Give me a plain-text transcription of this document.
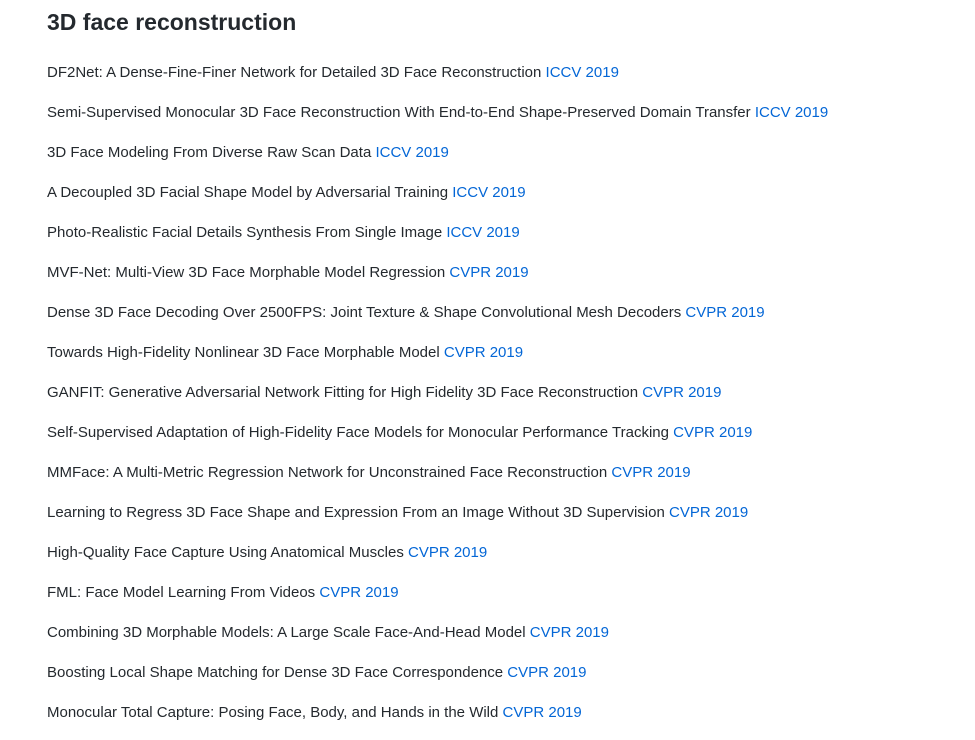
3D face reconstruction
DF2Net: A Dense-Fine-Finer Network for Detailed 3D Face Reconstruction ICCV 2019
Semi-Supervised Monocular 3D Face Reconstruction With End-to-End Shape-Preserved Domain Transfer ICCV 2019
3D Face Modeling From Diverse Raw Scan Data ICCV 2019
A Decoupled 3D Facial Shape Model by Adversarial Training ICCV 2019
Photo-Realistic Facial Details Synthesis From Single Image ICCV 2019
MVF-Net: Multi-View 3D Face Morphable Model Regression CVPR 2019
Dense 3D Face Decoding Over 2500FPS: Joint Texture & Shape Convolutional Mesh Decoders CVPR 2019
Towards High-Fidelity Nonlinear 3D Face Morphable Model CVPR 2019
GANFIT: Generative Adversarial Network Fitting for High Fidelity 3D Face Reconstruction CVPR 2019
Self-Supervised Adaptation of High-Fidelity Face Models for Monocular Performance Tracking CVPR 2019
MMFace: A Multi-Metric Regression Network for Unconstrained Face Reconstruction CVPR 2019
Learning to Regress 3D Face Shape and Expression From an Image Without 3D Supervision CVPR 2019
High-Quality Face Capture Using Anatomical Muscles CVPR 2019
FML: Face Model Learning From Videos CVPR 2019
Combining 3D Morphable Models: A Large Scale Face-And-Head Model CVPR 2019
Boosting Local Shape Matching for Dense 3D Face Correspondence CVPR 2019
Monocular Total Capture: Posing Face, Body, and Hands in the Wild CVPR 2019
